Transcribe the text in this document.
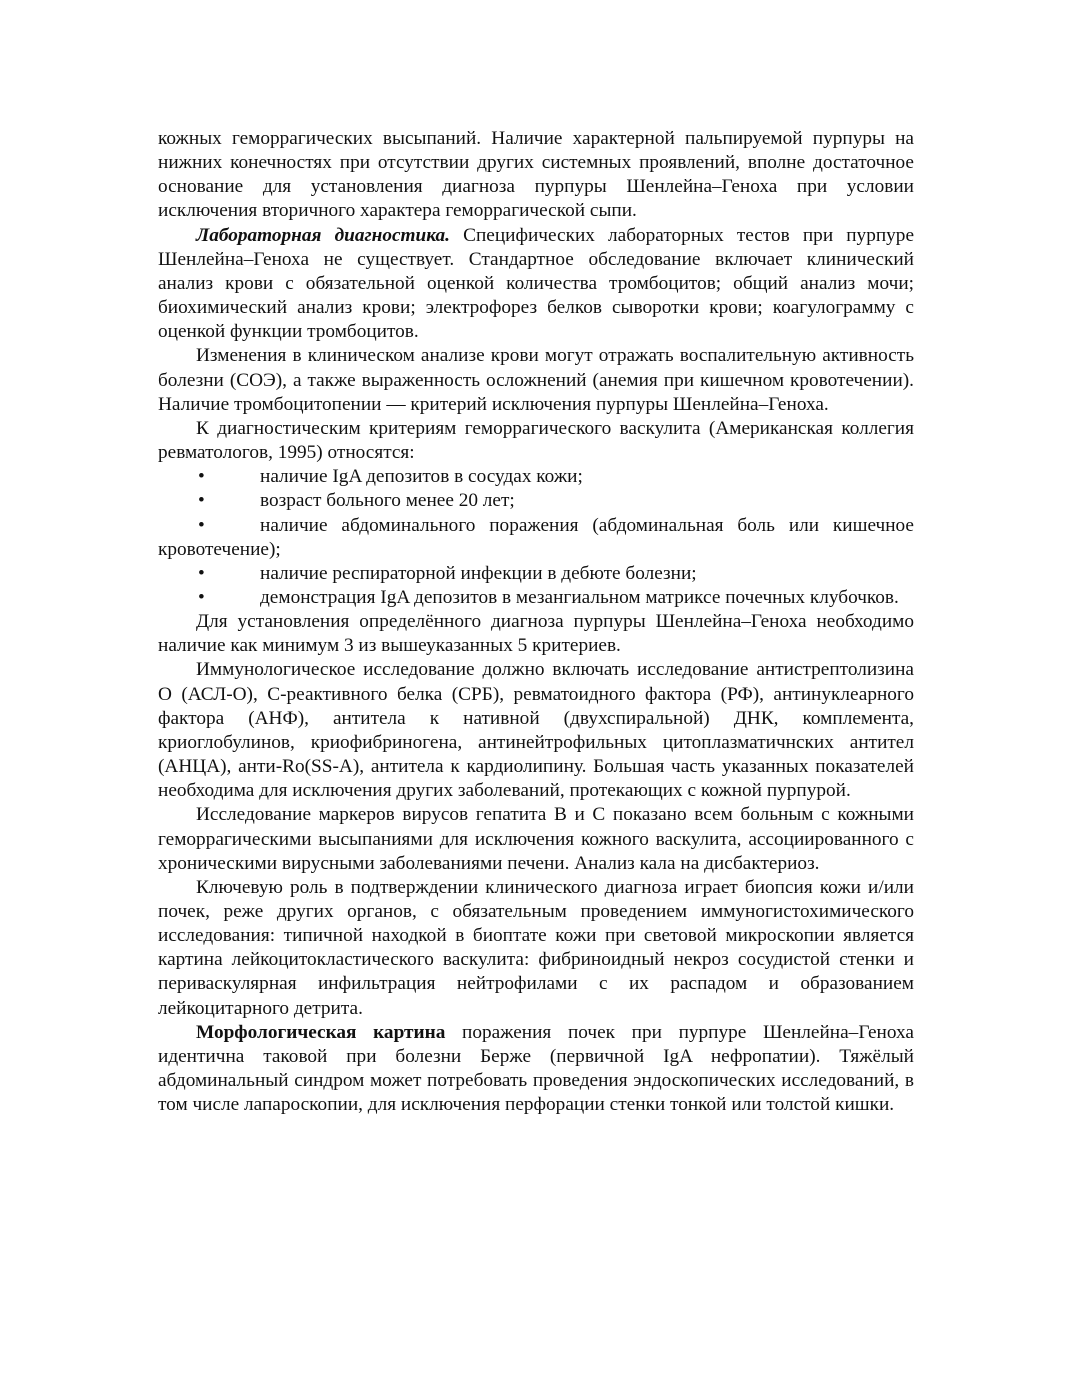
кожных геморрагических высыпаний. Наличие характерной пальпируемой пурпуры на нижних конечностях при отсутствии других системных проявлений, вполне достаточное основание для установления диагноза пурпуры Шенлейна–Геноха при условии исключения вторичного характера геморрагической сыпи.

Лабораторная диагностика. Специфических лабораторных тестов при пурпуре Шенлейна–Геноха не существует. Стандартное обследование включает клинический анализ крови с обязательной оценкой количества тромбоцитов; общий анализ мочи; биохимический анализ крови; электрофорез белков сыворотки крови; коагулограмму с оценкой функции тромбоцитов.

Изменения в клиническом анализе крови могут отражать воспалительную активность болезни (СОЭ), а также выраженность осложнений (анемия при кишечном кровотечении). Наличие тромбоцитопении — критерий исключения пурпуры Шенлейна–Геноха.

К диагностическим критериям геморрагического васкулита (Американская коллегия ревматологов, 1995) относятся:

•	наличие IgA депозитов в сосудах кожи;

•	возраст больного менее 20 лет;

•	наличие абдоминального поражения (абдоминальная боль или кишечное кровотечение);

•	наличие респираторной инфекции в дебюте болезни;

•	демонстрация IgA депозитов в мезангиальном матриксе почечных клубочков.

Для установления определённого диагноза пурпуры Шенлейна–Геноха необходимо наличие как минимум 3 из вышеуказанных 5 критериев.

Иммунологическое исследование должно включать исследование антистрептолизина О (АСЛ-О), С-реактивного белка (СРБ), ревматоидного фактора (РФ), антинуклеарного фактора (АНФ), антитела к нативной (двухспиральной) ДНК, комплемента, криоглобулинов, криофибриногена, антинейтрофильных цитоплазматичнских антител (АНЦА), анти-Ro(SS-A), антитела к кардиолипину. Большая часть указанных показателей необходима для исключения других заболеваний, протекающих с кожной пурпурой.

Исследование маркеров вирусов гепатита В и С показано всем больным с кожными геморрагическими высыпаниями для исключения кожного васкулита, ассоциированного с хроническими вирусными заболеваниями печени. Анализ кала на дисбактериоз.

Ключевую роль в подтверждении клинического диагноза играет биопсия кожи и/или почек, реже других органов, с обязательным проведением иммуногистохимического исследования: типичной находкой в биоптате кожи при световой микроскопии является картина лейкоцитокластического васкулита: фибриноидный некроз сосудистой стенки и периваскулярная инфильтрация нейтрофилами с их распадом и образованием лейкоцитарного детрита.

Морфологическая картина поражения почек при пурпуре Шенлейна–Геноха идентична таковой при болезни Берже (первичной IgA нефропатии). Тяжёлый абдоминальный синдром может потребовать проведения эндоскопических исследований, в том числе лапароскопии, для исключения перфорации стенки тонкой или толстой кишки.
